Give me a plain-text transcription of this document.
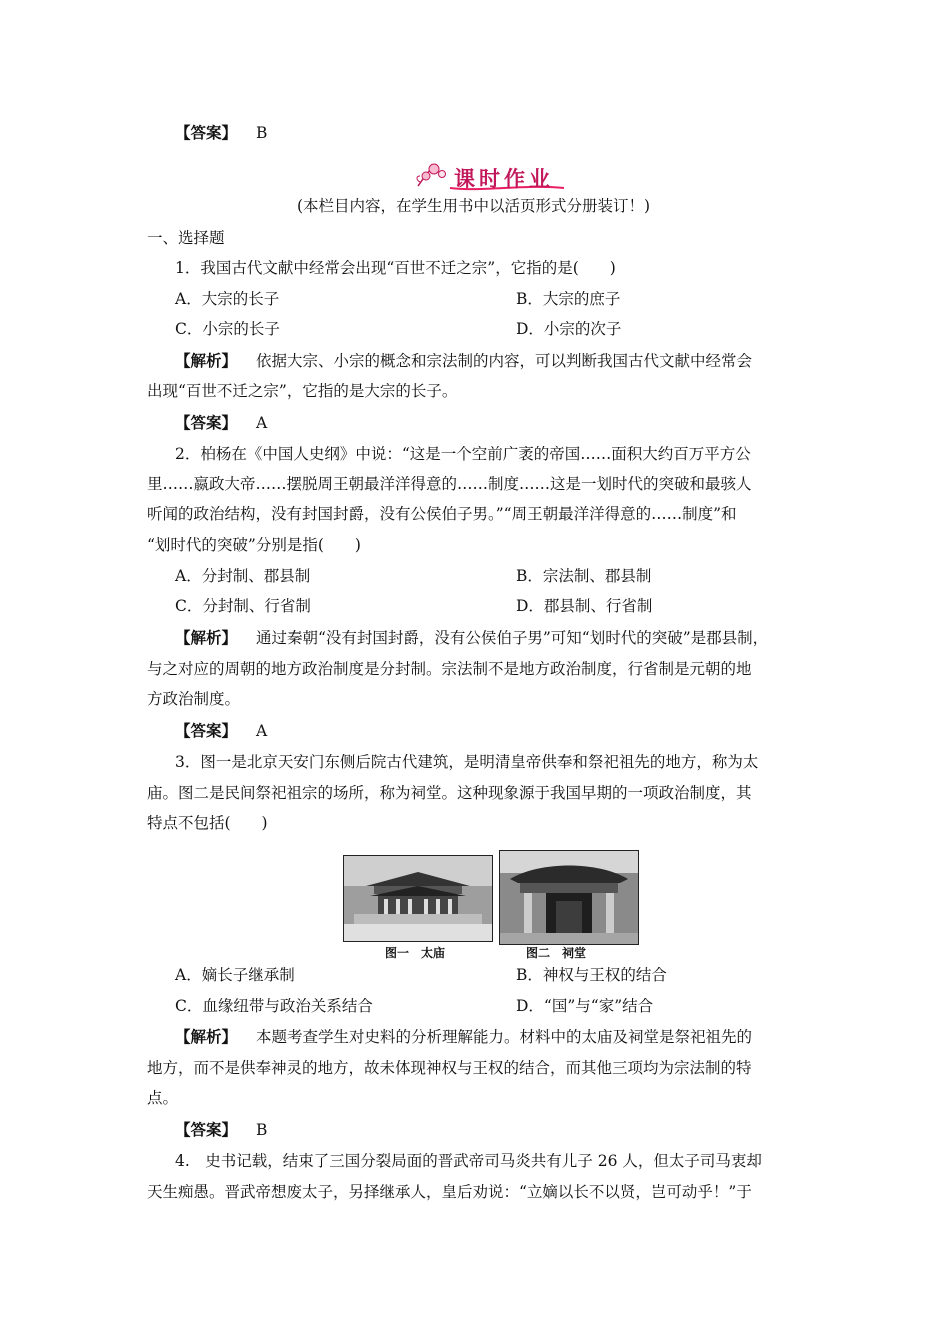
【答案】 B
课时作业
(本栏目内容，在学生用书中以活页形式分册装订！)
一、选择题
1．我国古代文献中经常会出现“百世不迁之宗”，它指的是(　　)
A．大宗的长子	B．大宗的庶子
C．小宗的长子	D．小宗的次子
【解析】 依据大宗、小宗的概念和宗法制的内容，可以判断我国古代文献中经常会
出现“百世不迁之宗”，它指的是大宗的长子。
【答案】 A
2．柏杨在《中国人史纲》中说：“这是一个空前广袤的帝国……面积大约百万平方公
里……嬴政大帝……摆脱周王朝最洋洋得意的……制度……这是一划时代的突破和最骇人
听闻的政治结构，没有封国封爵，没有公侯伯子男。”“周王朝最洋洋得意的……制度”和
“划时代的突破”分别是指(　　)
A．分封制、郡县制	B．宗法制、郡县制
C．分封制、行省制	D．郡县制、行省制
【解析】 通过秦朝“没有封国封爵，没有公侯伯子男”可知“划时代的突破”是郡县制，
与之对应的周朝的地方政治制度是分封制。宗法制不是地方政治制度，行省制是元朝的地
方政治制度。
【答案】 A
3．图一是北京天安门东侧后院古代建筑，是明清皇帝供奉和祭祀祖先的地方，称为太
庙。图二是民间祭祀祖宗的场所，称为祠堂。这种现象源于我国早期的一项政治制度，其
特点不包括(　　)
图一　太庙	图二　祠堂
A．嫡长子继承制	B．神权与王权的结合
C．血缘纽带与政治关系结合	D．“国”与“家”结合
【解析】 本题考查学生对史料的分析理解能力。材料中的太庙及祠堂是祭祀祖先的
地方，而不是供奉神灵的地方，故未体现神权与王权的结合，而其他三项均为宗法制的特
点。
【答案】 B
4.　史书记载，结束了三国分裂局面的晋武帝司马炎共有儿子 26 人，但太子司马衷却
天生痴愚。晋武帝想废太子，另择继承人，皇后劝说：“立嫡以长不以贤，岂可动乎！”于
